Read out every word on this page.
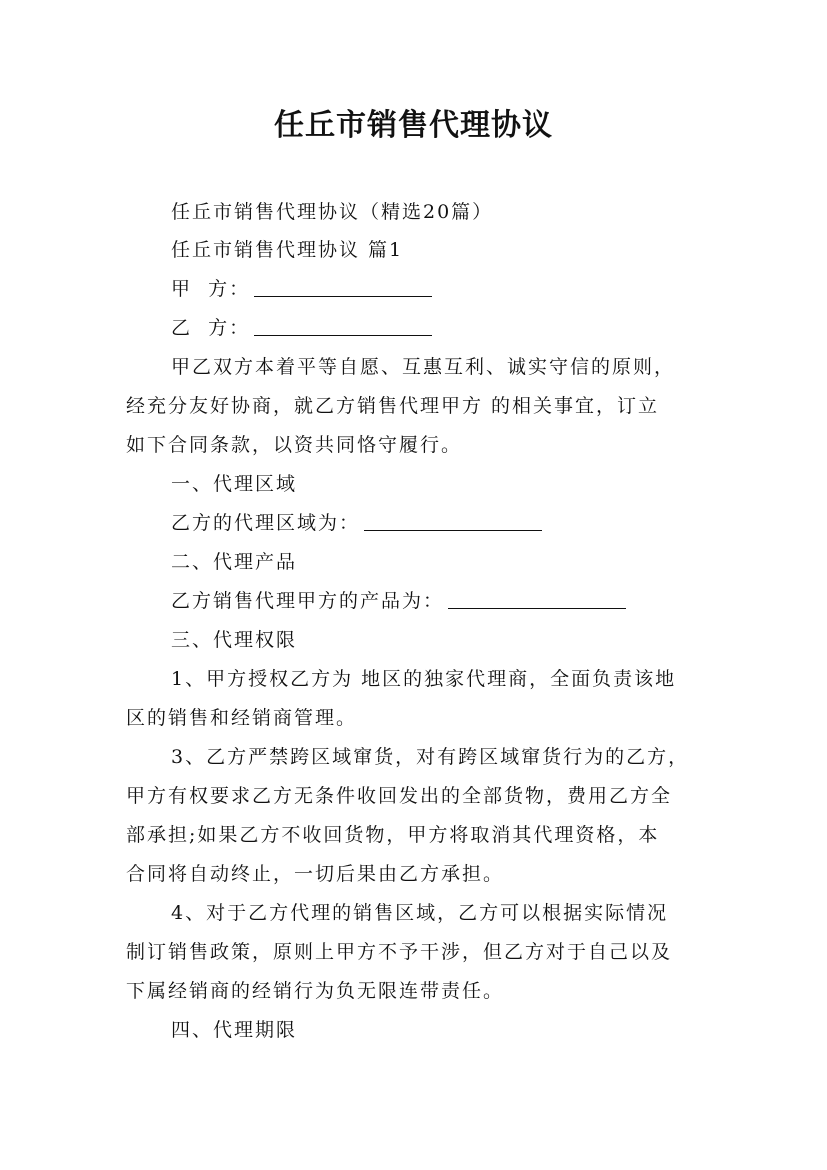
任丘市销售代理协议
任丘市销售代理协议（精选20篇）
任丘市销售代理协议 篇1
甲  方：
乙  方：
甲乙双方本着平等自愿、互惠互利、诚实守信的原则，
经充分友好协商，就乙方销售代理甲方 的相关事宜，订立
如下合同条款，以资共同恪守履行。
一、代理区域
乙方的代理区域为：
二、代理产品
乙方销售代理甲方的产品为：
三、代理权限
1、甲方授权乙方为 地区的独家代理商，全面负责该地
区的销售和经销商管理。
3、乙方严禁跨区域窜货，对有跨区域窜货行为的乙方，
甲方有权要求乙方无条件收回发出的全部货物，费用乙方全
部承担;如果乙方不收回货物，甲方将取消其代理资格，本
合同将自动终止，一切后果由乙方承担。
4、对于乙方代理的销售区域，乙方可以根据实际情况
制订销售政策，原则上甲方不予干涉，但乙方对于自己以及
下属经销商的经销行为负无限连带责任。
四、代理期限
